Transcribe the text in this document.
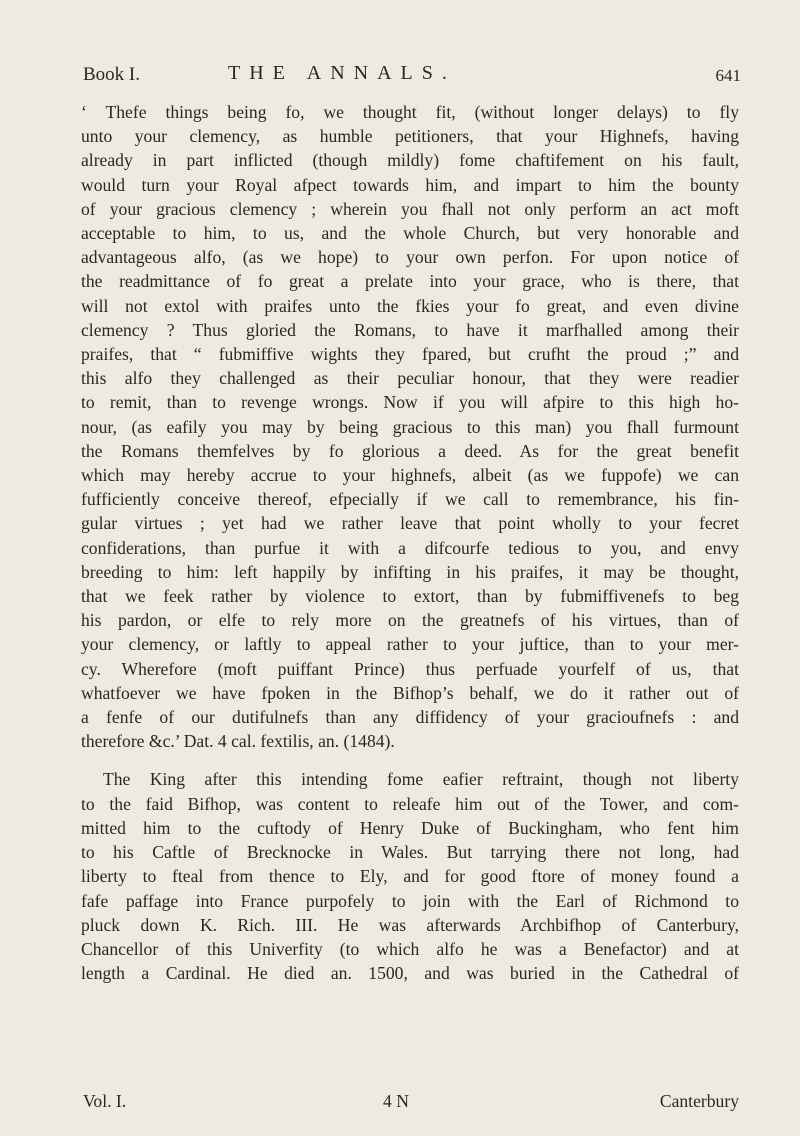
Book I.	THE ANNALS.	641

‘ Thefe things being fo, we thought fit, (without longer delays) to fly
unto your clemency, as humble petitioners, that your Highnefs, having
already in part inflicted (though mildly) fome chaftifement on his fault,
would turn your Royal afpect towards him, and impart to him the bounty
of your gracious clemency ; wherein you fhall not only perform an act moft
acceptable to him, to us, and the whole Church, but very honorable and
advantageous alfo, (as we hope) to your own perfon. For upon notice of
the readmittance of fo great a prelate into your grace, who is there, that
will not extol with praifes unto the fkies your fo great, and even divine
clemency ? Thus gloried the Romans, to have it marfhalled among their
praifes, that “ fubmiffive wights they fpared, but crufht the proud ;” and
this alfo they challenged as their peculiar honour, that they were readier
to remit, than to revenge wrongs. Now if you will afpire to this high ho-
nour, (as eafily you may by being gracious to this man) you fhall furmount
the Romans themfelves by fo glorious a deed. As for the great benefit
which may hereby accrue to your highnefs, albeit (as we fuppofe) we can
fufficiently conceive thereof, efpecially if we call to remembrance, his fin-
gular virtues ; yet had we rather leave that point wholly to your fecret
confiderations, than purfue it with a difcourfe tedious to you, and envy
breeding to him: left happily by infifting in his praifes, it may be thought,
that we feek rather by violence to extort, than by fubmiffivenefs to beg
his pardon, or elfe to rely more on the greatnefs of his virtues, than of
your clemency, or laftly to appeal rather to your juftice, than to your mer-
cy. Wherefore (moft puiffant Prince) thus perfuade yourfelf of us, that
whatfoever we have fpoken in the Bifhop’s behalf, we do it rather out of
a fenfe of our dutifulnefs than any diffidency of your gracioufnefs : and
therefore &c.’ Dat. 4 cal. fextilis, an. (1484).

The King after this intending fome eafier reftraint, though not liberty
to the faid Bifhop, was content to releafe him out of the Tower, and com-
mitted him to the cuftody of Henry Duke of Buckingham, who fent him
to his Caftle of Brecknocke in Wales. But tarrying there not long, had
liberty to fteal from thence to Ely, and for good ftore of money found a
fafe paffage into France purpofely to join with the Earl of Richmond to
pluck down K. Rich. III. He was afterwards Archbifhop of Canterbury,
Chancellor of this Univerfity (to which alfo he was a Benefactor) and at
length a Cardinal. He died an. 1500, and was buried in the Cathedral of

Vol. I.	4 N	Canterbury
